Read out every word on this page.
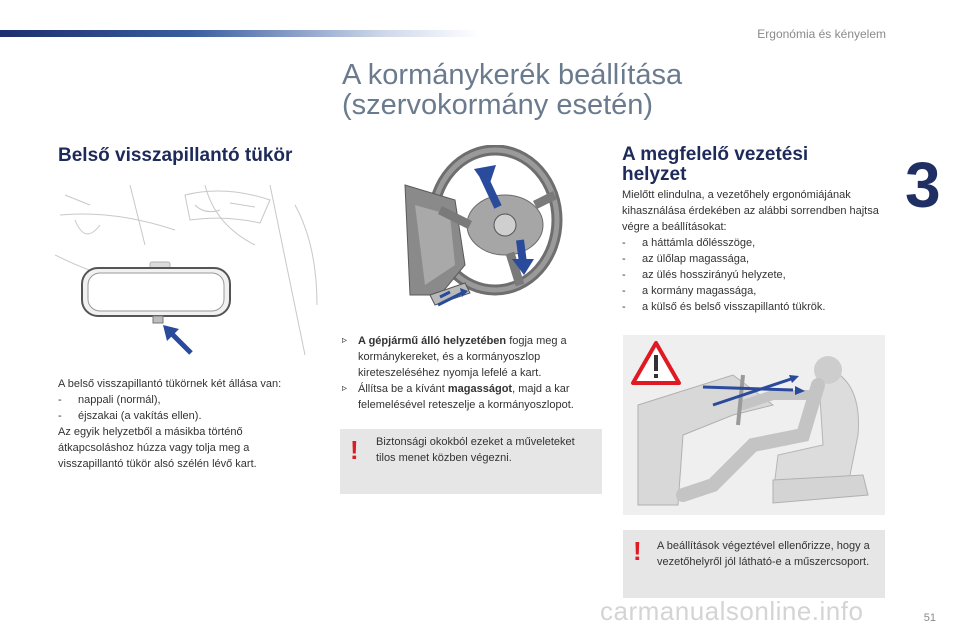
Ergonómia és kényelem
3
A kormánykerék beállítása
(szervokormány esetén)
Belső visszapillantó tükör

A belső visszapillantó tükörnek két állása van:

-	nappali (normál),
-	éjszakai (a vakítás ellen).

Az egyik helyzetből a másikba történő átkapcsoláshoz húzza vagy tolja meg a visszapillantó tükör alsó szélén lévő kart.

▹ A gépjármű álló helyzetében fogja meg a kormánykereket, és a kormányoszlop kireteszeléséhez nyomja lefelé a kart.
▹ Állítsa be a kívánt magasságot, majd a kar felemelésével reteszelje a kormányoszlopot.
! Biztonsági okokból ezeket a műveleteket tilos menet közben végezni.
A megfelelő vezetési
helyzet

Mielőtt elindulna, a vezetőhely ergonómiájának kihasználása érdekében az alábbi sorrendben hajtsa végre a beállításokat:

-	a háttámla dőlésszöge,
-	az ülőlap magassága,
-	az ülés hosszirányú helyzete,
-	a kormány magassága,
-	a külső és belső visszapillantó tükrök.
! A beállítások végeztével ellenőrizze, hogy a vezetőhelyről jól látható-e a műszercsoport.
51
carmanualsonline.info
